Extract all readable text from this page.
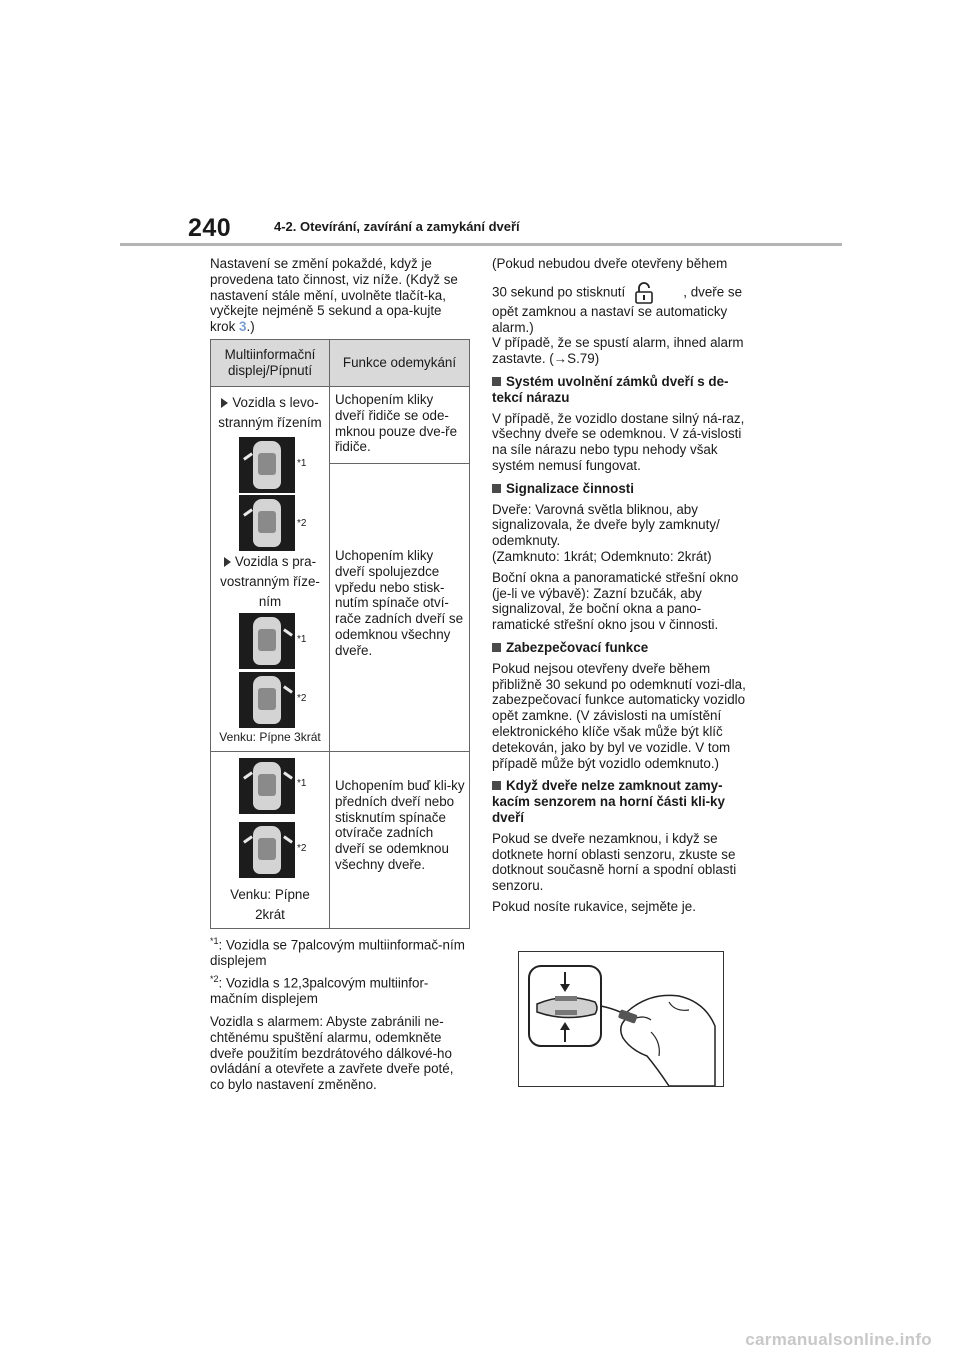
240	4-2. Otevírání, zavírání a zamykání dveří

Nastavení se změní pokaždé, když je provedena tato činnost, viz níže. (Když se nastavení stále mění, uvolněte tlačít-ka, vyčkejte nejméně 5 sekund a opa-kujte krok 3.)

Multiinformační displej/Pípnutí
Funkce odemykání
Vozidla s levo-stranným řízením
*1
*2
Vozidla s pra-vostranným říze-ním
*1
*2
Venku: Pípne 3krát
Uchopením kliky dveří řidiče se ode-mknou pouze dve-ře řidiče.
Uchopením kliky dveří spolujezdce vpředu nebo stisk-nutím spínače otví-rače zadních dveří se odemknou všechny dveře.
*1
*2
Venku: Pípne 2krát
Uchopením buď kli-ky předních dveří nebo stisknutím spínače otvírače zadních dveří se odemknou všechny dveře.
$^{*1}$: Vozidla se 7palcovým multiinformač-ním displejem
$^{*2}$: Vozidla s 12,3palcovým multiinfor-mačním displejem
Vozidla s alarmem: Abyste zabránili ne-chtěnému spuštění alarmu, odemkněte dveře použitím bezdrátového dálkové-ho ovládání a otevřete a zavřete dveře poté, co bylo nastavení změněno.

(Pokud nebudou dveře otevřeny během

30 sekund po stisknutí	, dveře se opět zamknou a nastaví se automaticky alarm.)

V případě, že se spustí alarm, ihned alarm zastavte. (→S.79)

Systém uvolnění zámků dveří s de-tekcí nárazu

V případě, že vozidlo dostane silný ná-raz, všechny dveře se odemknou. V zá-vislosti na síle nárazu nebo typu nehody však systém nemusí fungovat.

Signalizace činnosti

Dveře: Varovná světla bliknou, aby signalizovala, že dveře byly zamknuty/ odemknuty.

(Zamknuto: 1krát; Odemknuto: 2krát)

Boční okna a panoramatické střešní okno (je-li ve výbavě): Zazní bzučák, aby signalizoval, že boční okna a pano-ramatické střešní okno jsou v činnosti.

Zabezpečovací funkce

Pokud nejsou otevřeny dveře během přibližně 30 sekund po odemknutí vozi-dla, zabezpečovací funkce automaticky vozidlo opět zamkne. (V závislosti na umístění elektronického klíče však může být klíč detekován, jako by byl ve vozidle. V tom případě může být vozidlo odemknuto.)

Když dveře nelze zamknout zamy-kacím senzorem na horní části kli-ky dveří

Pokud se dveře nezamknou, i když se dotknete horní oblasti senzoru, zkuste se dotknout současně horní a spodní oblasti senzoru.

Pokud nosíte rukavice, sejměte je.

carmanualsonline.info
